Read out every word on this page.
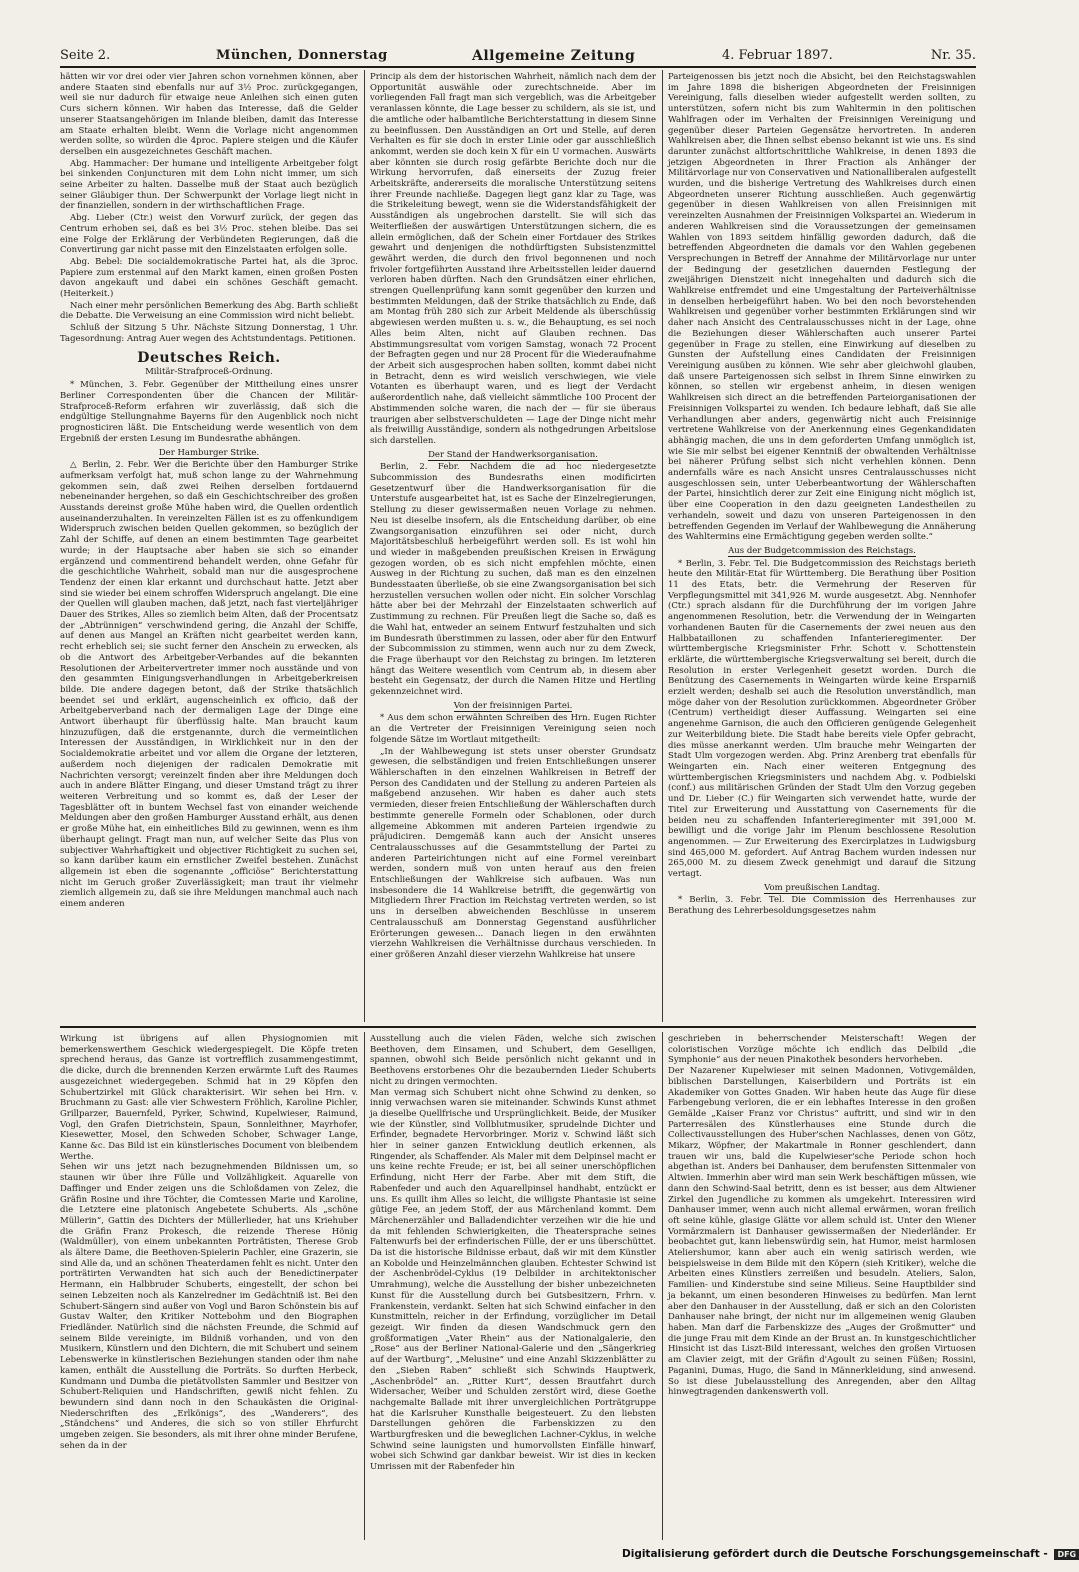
Seite 2.	München, Donnerstag	Allgemeine Zeitung	4. Februar 1897.	Nr. 35.

hätten wir vor drei oder vier Jahren schon vornehmen können, aber andere Staaten sind ebenfalls nur auf 3½ Proc. zurückgegangen, weil sie nur dadurch für etwaige neue Anleihen sich einen guten Curs sichern können. Wir haben das Interesse, daß die Gelder unserer Staatsangehörigen im Inlande bleiben, damit das Interesse am Staate erhalten bleibt. Wenn die Vorlage nicht angenommen werden sollte, so würden die 4proc. Papiere steigen und die Käufer derselben ein ausgezeichnetes Geschäft machen.

Abg. Hammacher: Der humane und intelligente Arbeitgeber folgt bei sinkenden Conjuncturen mit dem Lohn nicht immer, um sich seine Arbeiter zu halten. Dasselbe muß der Staat auch bezüglich seiner Gläubiger thun. Der Schwerpunkt der Vorlage liegt nicht in der finanziellen, sondern in der wirthschaftlichen Frage.

Abg. Lieber (Ctr.) weist den Vorwurf zurück, der gegen das Centrum erhoben sei, daß es bei 3½ Proc. stehen bleibe. Das sei eine Folge der Erklärung der Verbündeten Regierungen, daß die Convertirung gar nicht passe mit den Einzelstaaten erfolgen solle.

Abg. Bebel: Die socialdemokratische Partei hat, als die 3proc. Papiere zum erstenmal auf den Markt kamen, einen großen Posten davon angekauft und dabei ein schönes Geschäft gemacht. (Heiterkeit.)

Nach einer mehr persönlichen Bemerkung des Abg. Barth schließt die Debatte. Die Verweisung an eine Commission wird nicht beliebt.

Schluß der Sitzung 5 Uhr. Nächste Sitzung Donnerstag, 1 Uhr. Tagesordnung: Antrag Auer wegen des Achtstundentags. Petitionen.

Deutsches Reich.
Militär-Strafproceß-Ordnung.

* München, 3. Febr. Gegenüber der Mittheilung eines unsrer Berliner Correspondenten über die Chancen der Militär-Strafproceß-Reform erfahren wir zuverlässig, daß sich die endgültige Stellungnahme Bayerns für den Augenblick noch nicht prognosticiren läßt. Die Entscheidung werde wesentlich von dem Ergebniß der ersten Lesung im Bundesrathe abhängen.

Der Hamburger Strike.

△ Berlin, 2. Febr. Wer die Berichte über den Hamburger Strike aufmerksam verfolgt hat, muß schon lange zu der Wahrnehmung gekommen sein, daß zwei Reihen derselben fortdauernd nebeneinander hergehen, so daß ein Geschichtschreiber des großen Ausstands dereinst große Mühe haben wird, die Quellen ordentlich auseinanderzuhalten. In vereinzelten Fällen ist es zu offenkundigem Widerspruch zwischen beiden Quellen gekommen, so bezüglich der Zahl der Schiffe, auf denen an einem bestimmten Tage gearbeitet wurde; in der Hauptsache aber haben sie sich so einander ergänzend und commentirend behandelt werden, ohne Gefahr für die geschichtliche Wahrheit, sobald man nur die ausgesprochene Tendenz der einen klar erkannt und durchschaut hatte. Jetzt aber sind sie wieder bei einem schroffen Widerspruch angelangt. Die eine der Quellen will glauben machen, daß jetzt, nach fast vierteljähriger Dauer des Strikes, Alles so ziemlich beim Alten, daß der Procentsatz der „Abtrünnigen“ verschwindend gering, die Anzahl der Schiffe, auf denen aus Mangel an Kräften nicht gearbeitet werden kann, recht erheblich sei; sie sucht ferner den Anschein zu erwecken, als ob die Antwort des Arbeitgeber-Verbandes auf die bekannten Resolutionen der Arbeitervertreter immer noch ausstände und von den gesammten Einigungsverhandlungen in Arbeitgeberkreisen bilde. Die andere dagegen betont, daß der Strike thatsächlich beendet sei und erklärt, augenscheinlich ex officio, daß der Arbeitgeberverband nach der dermaligen Lage der Dinge eine Antwort überhaupt für überflüssig halte. Man braucht kaum hinzuzufügen, daß die erstgenannte, durch die vermeintlichen Interessen der Ausständigen, in Wirklichkeit nur in den der Socialdemokratie arbeitet und vor allem die Organe der letzteren, außerdem noch diejenigen der radicalen Demokratie mit Nachrichten versorgt; vereinzelt finden aber ihre Meldungen doch auch in andere Blätter Eingang, und dieser Umstand trägt zu ihrer weiteren Verbreitung und so kommt es, daß der Leser der Tagesblätter oft in buntem Wechsel fast von einander weichende Meldungen aber den großen Hamburger Ausstand erhält, aus denen er große Mühe hat, ein einheitliches Bild zu gewinnen, wenn es ihm überhaupt gelingt. Fragt man nun, auf welcher Seite das Plus von subjectiver Wahrhaftigkeit und objectiver Richtigkeit zu suchen sei, so kann darüber kaum ein ernstlicher Zweifel bestehen. Zunächst allgemein ist eben die sogenannte „officiöse“ Berichterstattung nicht im Geruch großer Zuverlässigkeit; man traut ihr vielmehr ziemlich allgemein zu, daß sie ihre Meldungen manchmal auch nach einem anderen

Princip als dem der historischen Wahrheit, nämlich nach dem der Opportunität auswähle oder zurechtschneide. Aber im vorliegenden Fall fragt man sich vergeblich, was die Arbeitgeber veranlassen könnte, die Lage besser zu schildern, als sie ist, und die amtliche oder halbamtliche Berichterstattung in diesem Sinne zu beeinflussen. Den Ausständigen an Ort und Stelle, auf deren Verhalten es für sie doch in erster Linie oder gar ausschließlich ankommt, werden sie doch kein X für ein U vormachen. Auswärts aber könnten sie durch rosig gefärbte Berichte doch nur die Wirkung hervorrufen, daß einerseits der Zuzug freier Arbeitskräfte, andererseits die moralische Unterstützung seitens ihrer Freunde nachließe. Dagegen liegt ganz klar zu Tage, was die Strikeleitung bewegt, wenn sie die Widerstandsfähigkeit der Ausständigen als ungebrochen darstellt. Sie will sich das Weiterfließen der auswärtigen Unterstützungen sichern, die es allein ermöglichen, daß der Schein einer Fortdauer des Strikes gewahrt und denjenigen die nothdürftigsten Subsistenzmittel gewährt werden, die durch den frivol begonnenen und noch frivoler fortgeführten Ausstand ihre Arbeitsstellen leider dauernd verloren haben dürften. Nach den Grundsätzen einer ehrlichen, strengen Quellenprüfung kann somit gegenüber den kurzen und bestimmten Meldungen, daß der Strike thatsächlich zu Ende, daß am Montag früh 280 sich zur Arbeit Meldende als überschüssig abgewiesen werden mußten u. s. w., die Behauptung, es sei noch Alles beim Alten, nicht auf Glauben rechnen. Das Abstimmungsresultat vom vorigen Samstag, wonach 72 Procent der Befragten gegen und nur 28 Procent für die Wiederaufnahme der Arbeit sich ausgesprochen haben sollten, kommt dabei nicht in Betracht, denn es wird weislich verschwiegen, wie viele Votanten es überhaupt waren, und es liegt der Verdacht außerordentlich nahe, daß vielleicht sämmtliche 100 Procent der Abstimmenden solche waren, die nach der — für sie überaus traurigen aber selbstverschuldeten — Lage der Dinge nicht mehr als freiwillig Ausständige, sondern als nothgedrungen Arbeitslose sich darstellen.

Der Stand der Handwerksorganisation.

Berlin, 2. Febr. Nachdem die ad hoc niedergesetzte Subcommission des Bundesraths einen modificirten Gesetzentwurf über die Handwerksorganisation für die Unterstufe ausgearbeitet hat, ist es Sache der Einzelregierungen, Stellung zu dieser gewissermaßen neuen Vorlage zu nehmen. Neu ist dieselbe insofern, als die Entscheidung darüber, ob eine Zwangsorganisation einzuführen sei oder nicht, durch Majoritätsbeschluß herbeigeführt werden soll. Es ist wohl hin und wieder in maßgebenden preußischen Kreisen in Erwägung gezogen worden, ob es sich nicht empfehlen möchte, einen Ausweg in der Richtung zu suchen, daß man es den einzelnen Bundesstaaten überließe, ob sie eine Zwangsorganisation bei sich herzustellen versuchen wollen oder nicht. Ein solcher Vorschlag hätte aber bei der Mehrzahl der Einzelstaaten schwerlich auf Zustimmung zu rechnen. Für Preußen liegt die Sache so, daß es die Wahl hat, entweder an seinem Entwurf festzuhalten und sich im Bundesrath überstimmen zu lassen, oder aber für den Entwurf der Subcommission zu stimmen, wenn auch nur zu dem Zweck, die Frage überhaupt vor den Reichstag zu bringen. Im letzteren hängt das Weitere wesentlich vom Centrum ab, in diesem aber besteht ein Gegensatz, der durch die Namen Hitze und Hertling gekennzeichnet wird.

Von der freisinnigen Partei.

* Aus dem schon erwähnten Schreiben des Hrn. Eugen Richter an die Vertreter der Freisinnigen Vereinigung seien noch folgende Sätze im Wortlaut mitgetheilt:

„In der Wahlbewegung ist stets unser oberster Grundsatz gewesen, die selbständigen und freien Entschließungen unserer Wählerschaften in den einzelnen Wahlkreisen in Betreff der Person des Candidaten und der Stellung zu anderen Parteien als maßgebend anzusehen. Wir haben es daher auch stets vermieden, dieser freien Entschließung der Wählerschaften durch bestimmte generelle Formeln oder Schablonen, oder durch allgemeine Abkommen mit anderen Parteien irgendwie zu präjudiciren. Demgemäß kann auch der Ansicht unseres Centralausschusses auf die Gesammtstellung der Partei zu anderen Parteirichtungen nicht auf eine Formel vereinbart werden, sondern muß von unten herauf aus den freien Entschließungen der Wahlkreise sich aufbauen. Was nun insbesondere die 14 Wahlkreise betrifft, die gegenwärtig von Mitgliedern Ihrer Fraction im Reichstag vertreten werden, so ist uns in derselben abweichenden Beschlüsse in unserem Centralausschuß am Donnerstag Gegenstand ausführlicher Erörterungen gewesen... Danach liegen in den erwähnten vierzehn Wahlkreisen die Verhältnisse durchaus verschieden. In einer größeren Anzahl dieser vierzehn Wahlkreise hat unsere

Parteigenossen bis jetzt noch die Absicht, bei den Reichstagswahlen im Jahre 1898 die bisherigen Abgeordneten der Freisinnigen Vereinigung, falls dieselben wieder aufgestellt werden sollten, zu unterstützen, sofern nicht bis zum Wahltermin in den politischen Wahlfragen oder im Verhalten der Freisinnigen Vereinigung und gegenüber dieser Parteien Gegensätze hervortreten. In anderen Wahlkreisen aber, die Ihnen selbst ebenso bekannt ist wie uns. Es sind darunter zunächst altfortschrittliche Wahlkreise, in denen 1893 die jetzigen Abgeordneten in Ihrer Fraction als Anhänger der Militärvorlage nur von Conservativen und Nationalliberalen aufgestellt wurden, und die bisherige Vertretung des Wahlkreises durch einen Abgeordneten unserer Richtung ausschließen. Auch gegenwärtig gegenüber in diesen Wahlkreisen von allen Freisinnigen mit vereinzelten Ausnahmen der Freisinnigen Volkspartei an. Wiederum in anderen Wahlkreisen sind die Voraussetzungen der gemeinsamen Wahlen von 1893 seitdem hinfällig geworden dadurch, daß die betreffenden Abgeordneten die damals vor den Wahlen gegebenen Versprechungen in Betreff der Annahme der Militärvorlage nur unter der Bedingung der gesetzlichen dauernden Festlegung der zweijährigen Dienstzeit nicht innegehalten und dadurch sich die Wahlkreise entfremdet und eine Umgestaltung der Parteiverhältnisse in denselben herbeigeführt haben. Wo bei den noch bevorstehenden Wahlkreisen und gegenüber vorher bestimmten Erklärungen sind wir daher nach Ansicht des Centralausschusses nicht in der Lage, ohne die Beziehungen dieser Wählerschaften auch unserer Partei gegenüber in Frage zu stellen, eine Einwirkung auf dieselben zu Gunsten der Aufstellung eines Candidaten der Freisinnigen Vereinigung ausüben zu können. Wie sehr aber gleichwohl glauben, daß unsere Parteigenossen sich selbst in Ihrem Sinne einwirken zu können, so stellen wir ergebenst anheim, in diesen wenigen Wahlkreisen sich direct an die betreffenden Parteiorganisationen der Freisinnigen Volkspartei zu wenden. Ich bedaure lebhaft, daß Sie alle Verhandlungen aber anders, gegenwärtig nicht auch Freisinnige vertretene Wahlkreise von der Anerkennung eines Gegenkandidaten abhängig machen, die uns in dem geforderten Umfang unmöglich ist, wie Sie mir selbst bei eigener Kenntniß der obwaltenden Verhältnisse bei näherer Prüfung selbst sich nicht verhehlen können. Denn andernfalls wäre es nach Ansicht unsres Centralausschusses nicht ausgeschlossen sein, unter Ueberbeantwortung der Wählerschaften der Partei, hinsichtlich derer zur Zeit eine Einigung nicht möglich ist, über eine Cooperation in den dazu geeigneten Landestheilen zu verhandeln, soweit und dazu von unseren Parteigenossen in den betreffenden Gegenden im Verlauf der Wahlbewegung die Annäherung des Wahltermins eine Ermächtigung gegeben werden sollte.“

Aus der Budgetcommission des Reichstags.

* Berlin, 3. Febr. Tel. Die Budgetcommission des Reichstags berieth heute den Militär-Etat für Württemberg. Die Berathung über Position 11 des Etats, betr. die Vermehrung der Reserven für Verpflegungsmittel mit 341,926 M. wurde ausgesetzt. Abg. Nennhofer (Ctr.) sprach alsdann für die Durchführung der im vorigen Jahre angenommenen Resolution, betr. die Verwendung der in Weingarten vorhandenen Bauten für die Casernements der zwei neuen aus den Halbbataillonen zu schaffenden Infanterieregimenter. Der württembergische Kriegsminister Frhr. Schott v. Schottenstein erklärte, die württembergische Kriegsverwaltung sei bereit, durch die Resolution in erster Verlegenheit gesetzt worden. Durch die Benützung des Casernements in Weingarten würde keine Ersparniß erzielt werden; deshalb sei auch die Resolution unverständlich, man möge daher von der Resolution zurückkommen. Abgeordneter Gröber (Centrum) vertheidigt dieser Auffassung. Weingarten sei eine angenehme Garnison, die auch den Officieren genügende Gelegenheit zur Weiterbildung biete. Die Stadt habe bereits viele Opfer gebracht, dies müsse anerkannt werden. Ulm brauche mehr Weingarten der Stadt Ulm vorgezogen werden. Abg. Prinz Arenberg trat ebenfalls für Weingarten ein. Nach einer weiteren Entgegnung des württembergischen Kriegsministers und nachdem Abg. v. Podbielski (conf.) aus militärischen Gründen der Stadt Ulm den Vorzug gegeben und Dr. Lieber (C.) für Weingarten sich verwendet hatte, wurde der Titel zur Erweiterung und Ausstattung von Casernements für die beiden neu zu schaffenden Infanterieregimenter mit 391,000 M. bewilligt und die vorige Jahr im Plenum beschlossene Resolution angenommen. — Zur Erweiterung des Exercirplatzes in Ludwigsburg sind 465,000 M. gefordert. Auf Antrag Bachem wurden indessen nur 265,000 M. zu diesem Zweck genehmigt und darauf die Sitzung vertagt.

Vom preußischen Landtag.

* Berlin, 3. Febr. Tel. Die Commission des Herrenhauses zur Berathung des Lehrerbesoldungsgesetzes nahm

Wirkung ist übrigens auf allen Physiognomien mit bemerkenswerthem Geschick wiedergespiegelt. Die Köpfe treten sprechend heraus, das Ganze ist vortrefflich zusammengestimmt, die dicke, durch die brennenden Kerzen erwärmte Luft des Raumes ausgezeichnet wiedergegeben. Schmid hat in 29 Köpfen den Schubertzirkel mit Glück charakterisirt. Wir sehen bei Hrn. v. Bruchmann zu Gast: alle vier Schwestern Fröhlich, Karoline Pichler, Grillparzer, Bauernfeld, Pyrker, Schwind, Kupelwieser, Raimund, Vogl, den Grafen Dietrichstein, Spaun, Sonnleithner, Mayrhofer, Kiesewetter, Mosel, den Schweden Schober, Schwager Lange, Kanne &c. Das Bild ist ein künstlerisches Document von bleibendem Werthe.
Sehen wir uns jetzt nach bezugnehmenden Bildnissen um, so staunen wir über ihre Fülle und Vollzähligkeit. Aquarelle von Daffinger und Ender zeigen uns die Schloßdamen von Zelez, die Gräfin Rosine und ihre Töchter, die Comtessen Marie und Karoline, die Letztere eine platonisch Angebetete Schuberts. Als „schöne Müllerin“, Gattin des Dichters der Müllerlieder, hat uns Kriehuber die Gräfin Franz Prokesch, die reizende Therese Hönig (Waldmüller), von einem unbekannten Porträtisten, Therese Grob als ältere Dame, die Beethoven-Spielerin Pachler, eine Grazerin, sie sind Alle da, und an schönen Theaterdamen fehlt es nicht. Unter den porträtirten Verwandten hat sich auch der Benedictinerpater Hermann, ein Halbbruder Schuberts, eingestellt, der schon bei seinen Lebzeiten noch als Kanzelredner im Gedächtniß ist. Bei den Schubert-Sängern sind außer von Vogl und Baron Schönstein bis auf Gustav Walter, den Kritiker Nottebohm und den Biographen Friedländer. Natürlich sind die nächsten Freunde, die Schmid auf seinem Bilde vereinigte, im Bildniß vorhanden, und von den Musikern, Künstlern und den Dichtern, die mit Schubert und seinem Lebenswerke in künstlerischen Beziehungen standen oder ihm nahe kamen, enthält die Ausstellung die Porträts. So durften Herbeck, Kundmann und Dumba die pietätvollsten Sammler und Besitzer von Schubert-Reliquien und Handschriften, gewiß nicht fehlen. Zu bewundern sind dann noch in den Schaukästen die Original-Niederschriften des „Erlkönigs“, des „Wanderers“, des „Ständchens“ und Anderes, die sich so von stiller Ehrfurcht umgeben zeigen. Sie besonders, als mit ihrer ohne minder Berufene, sehen da in der
Ausstellung auch die vielen Fäden, welche sich zwischen Beethoven, dem Einsamen, und Schubert, dem Geselligen, spannen, obwohl sich Beide persönlich nicht gekannt und in Beethovens erstorbenes Ohr die bezaubernden Lieder Schuberts nicht zu dringen vermochten.
Man vermag sich Schubert nicht ohne Schwind zu denken, so innig verwachsen waren sie miteinander. Schwinds Kunst athmet ja dieselbe Quellfrische und Ursprünglichkeit. Beide, der Musiker wie der Künstler, sind Vollblutmusiker, sprudelnde Dichter und Erfinder, begnadete Hervorbringer. Moriz v. Schwind läßt sich hier in seiner ganzen Entwicklung deutlich erkennen, als Ringender, als Schaffender. Als Maler mit dem Delpinsel macht er uns keine rechte Freude; er ist, bei all seiner unerschöpflichen Erfindung, nicht Herr der Farbe. Aber mit dem Stift, die Rabenfeder und auch den Aquarellpinsel handhabt, entzückt er uns. Es quillt ihm Alles so leicht, die willigste Phantasie ist seine gütige Fee, an jedem Stoff, der aus Märchenland kommt. Dem Märchenerzähler und Balladendichter verzeihen wir die hie und da mit fehlenden Schwierigkeiten, die Theatersprache seines Faltenwurfs bei der erfinderischen Fülle, der er uns überschüttet. Da ist die historische Bildnisse erbaut, daß wir mit dem Künstler an Kobolde und Heinzelmännchen glauben. Echtester Schwind ist der Aschenbrödel-Cyklus (19 Delbilder in architektonischer Umrahmung), welche die Ausstellung der bisher unbezeichneten Kunst für die Ausstellung durch bei Gutsbesitzern, Frhrn. v. Frankenstein, verdankt. Selten hat sich Schwind einfacher in den Kunstmitteln, reicher in der Erfindung, vorzüglicher im Detail gezeigt. Wir finden da diesen Wandschmuck gern den großformatigen „Vater Rhein“ aus der Nationalgalerie, den „Rose“ aus der Berliner National-Galerie und den „Sängerkrieg auf der Wartburg“, „Melusine“ und eine Anzahl Skizzenblätter zu den „Sieben Raben“ schließt sich Schwinds Hauptwerk, „Aschenbrödel“ an. „Ritter Kurt“, dessen Brautfahrt durch Widersacher, Weiber und Schulden zerstört wird, diese Goethe nachgemalte Ballade mit ihrer unvergleichlichen Porträtgruppe hat die Karlsruher Kunsthalle beigesteuert. Zu den liebsten Darstellungen gehören die Farbenskizzen zu den Wartburgfresken und die beweglichen Lachner-Cyklus, in welche Schwind seine launigsten und humorvollsten Einfälle hinwarf, wobei sich Schwind gar dankbar beweist. Wir ist dies in kecken Umrissen mit der Rabenfeder hin
geschrieben in beherrschender Meisterschaft! Wegen der coloristischen Vorzüge möchte ich endlich das Delbild „die Symphonie“ aus der neuen Pinakothek besonders hervorheben.
Der Nazarener Kupelwieser mit seinen Madonnen, Votivgemälden, biblischen Darstellungen, Kaiserbildern und Porträts ist ein Akademiker von Gottes Gnaden. Wir haben heute das Auge für diese Farbengebung verloren, die er ein lebhaftes Interesse in den großen Gemälde „Kaiser Franz vor Christus“ auftritt, und sind wir in den Parterresälen des Künstlerhauses eine Stunde durch die Collectivausstellungen des Huber'schen Nachlasses, denen von Götz, Mikarz, Wöpfner, der Makartmale in Ronner geschlendert, dann trauen wir uns, bald die Kupelwieser'sche Periode schon hoch abgethan ist. Anders bei Danhauser, dem berufensten Sittenmaler von Altwien. Immerhin aber wird man sein Werk beschäftigen müssen, wie dann den Schwind-Saal betritt, denn es ist besser, aus dem Altwiener Zirkel den Jugendliche zu kommen als umgekehrt. Interessiren wird Danhauser immer, wenn auch nicht allemal erwärmen, woran freilich oft seine kühle, glasige Glätte vor allem schuld ist. Unter den Wiener Vormärzmalern ist Danhauser gewissermaßen der Niederländer. Er beobachtet gut, kann liebenswürdig sein, hat Humor, meist harmlosen Ateliershumor, kann aber auch ein wenig satirisch werden, wie beispielsweise in dem Bilde mit den Köpern (sieh Kritiker), welche die Arbeiten eines Künstlers zerreißen und besudeln. Ateliers, Salon, Familien- und Kinderstube sind seine Milieus. Seine Hauptbilder sind ja bekannt, um einen besonderen Hinweises zu bedürfen. Man lernt aber den Danhauser in der Ausstellung, daß er sich an den Coloristen Danhauser nahe bringt, der nicht nur im allgemeinen wenig Glauben haben. Man darf die Farbenskizze des „Auges der Großmutter“ und die junge Frau mit dem Kinde an der Brust an. In kunstgeschichtlicher Hinsicht ist das Liszt-Bild interessant, welches den großen Virtuosen am Clavier zeigt, mit der Gräfin d'Agoult zu seinen Füßen; Rossini, Paganini, Dumas, Hugo, die Sand in Männerkleidung, sind anwesend. So ist diese Jubelausstellung des Anregenden, aber den Alltag hinwegtragenden dankenswerth voll.
Digitalisierung gefördert durch die Deutsche Forschungsgemeinschaft - DFG
